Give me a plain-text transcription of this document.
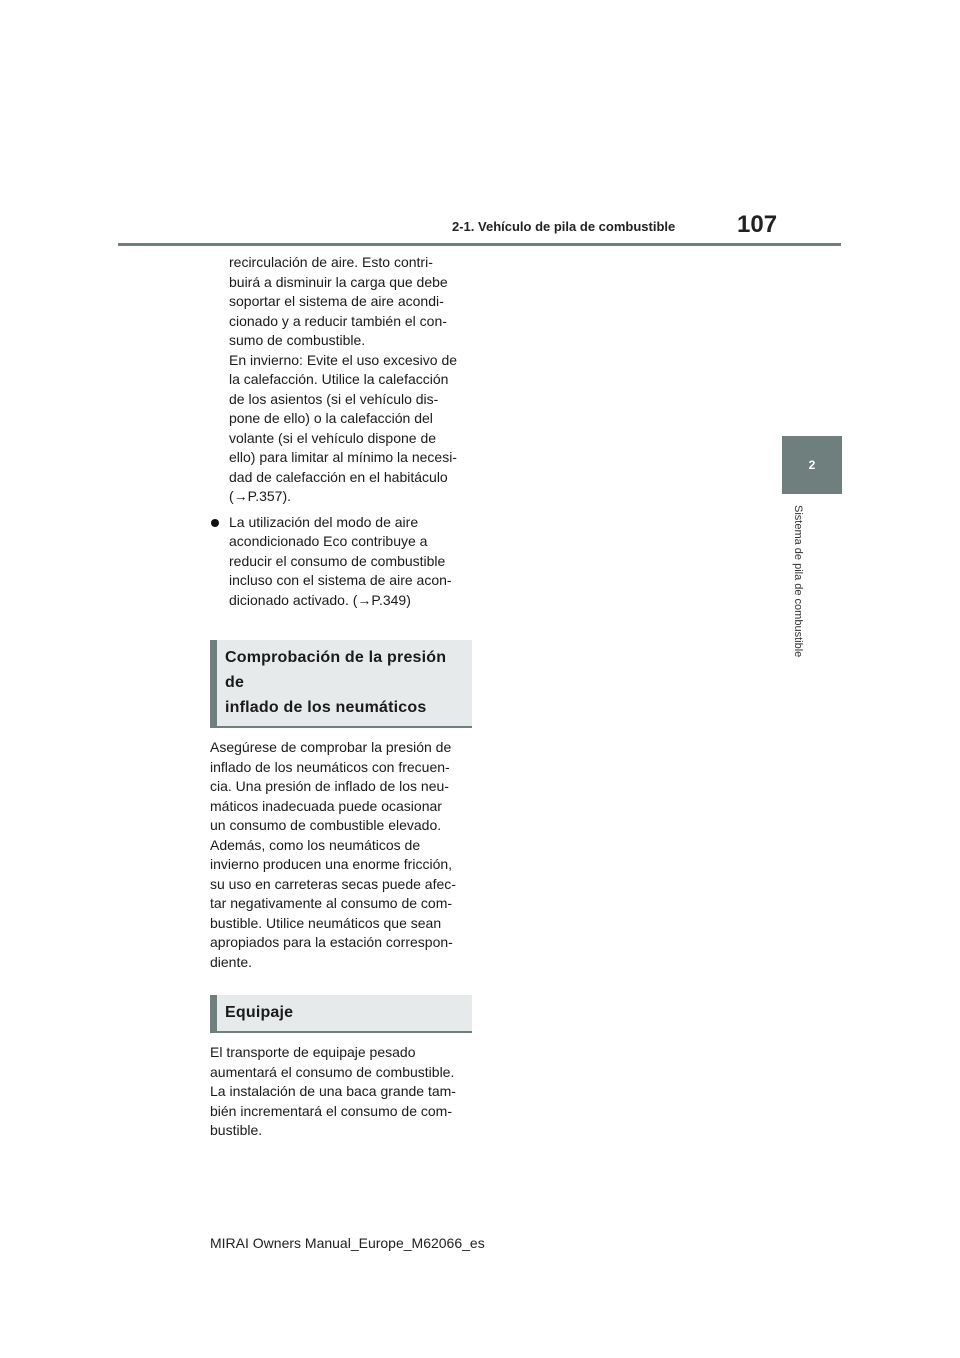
2-1. Vehículo de pila de combustible	107
2
Sistema de pila de combustible

recirculación de aire. Esto contri-
buirá a disminuir la carga que debe
soportar el sistema de aire acondi-
cionado y a reducir también el con-
sumo de combustible.
En invierno: Evite el uso excesivo de
la calefacción. Utilice la calefacción
de los asientos (si el vehículo dis-
pone de ello) o la calefacción del
volante (si el vehículo dispone de
ello) para limitar al mínimo la necesi-
dad de calefacción en el habitáculo
(→P.357).

La utilización del modo de aire
acondicionado Eco contribuye a
reducir el consumo de combustible
incluso con el sistema de aire acon-
dicionado activado. (→P.349)

Comprobación de la presión de
inflado de los neumáticos

Asegúrese de comprobar la presión de
inflado de los neumáticos con frecuen-
cia. Una presión de inflado de los neu-
máticos inadecuada puede ocasionar
un consumo de combustible elevado.
Además, como los neumáticos de
invierno producen una enorme fricción,
su uso en carreteras secas puede afec-
tar negativamente al consumo de com-
bustible. Utilice neumáticos que sean
apropiados para la estación correspon-
diente.

Equipaje

El transporte de equipaje pesado
aumentará el consumo de combustible.
La instalación de una baca grande tam-
bién incrementará el consumo de com-
bustible.

MIRAI Owners Manual_Europe_M62066_es
